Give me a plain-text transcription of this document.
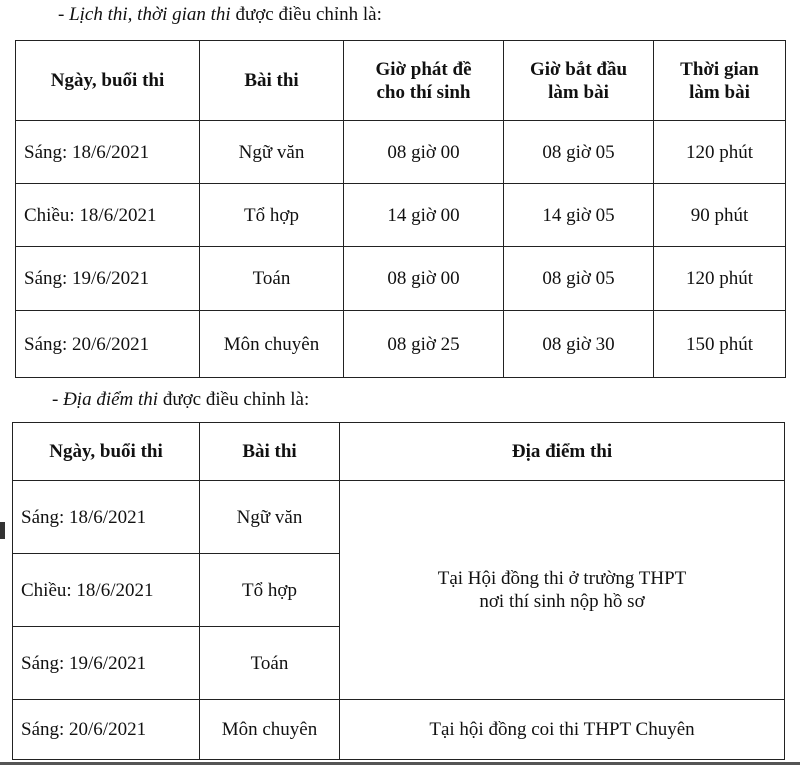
- Lịch thi, thời gian thi được điều chỉnh là:
Ngày, buổi thi	Bài thi	Giờ phát đề cho thí sinh	Giờ bắt đầu làm bài	Thời gian làm bài
Sáng: 18/6/2021	Ngữ văn	08 giờ 00	08 giờ 05	120 phút
Chiều: 18/6/2021	Tổ hợp	14 giờ 00	14 giờ 05	90 phút
Sáng: 19/6/2021	Toán	08 giờ 00	08 giờ 05	120 phút
Sáng: 20/6/2021	Môn chuyên	08 giờ 25	08 giờ 30	150 phút
- Địa điểm thi được điều chỉnh là:
Ngày, buổi thi	Bài thi	Địa điểm thi
Sáng: 18/6/2021	Ngữ văn	Tại Hội đồng thi ở trường THPT
nơi thí sinh nộp hồ sơ

Chiều: 18/6/2021	Tổ hợp	
Sáng: 19/6/2021	Toán	
Sáng: 20/6/2021	Môn chuyên	Tại hội đồng coi thi THPT Chuyên
